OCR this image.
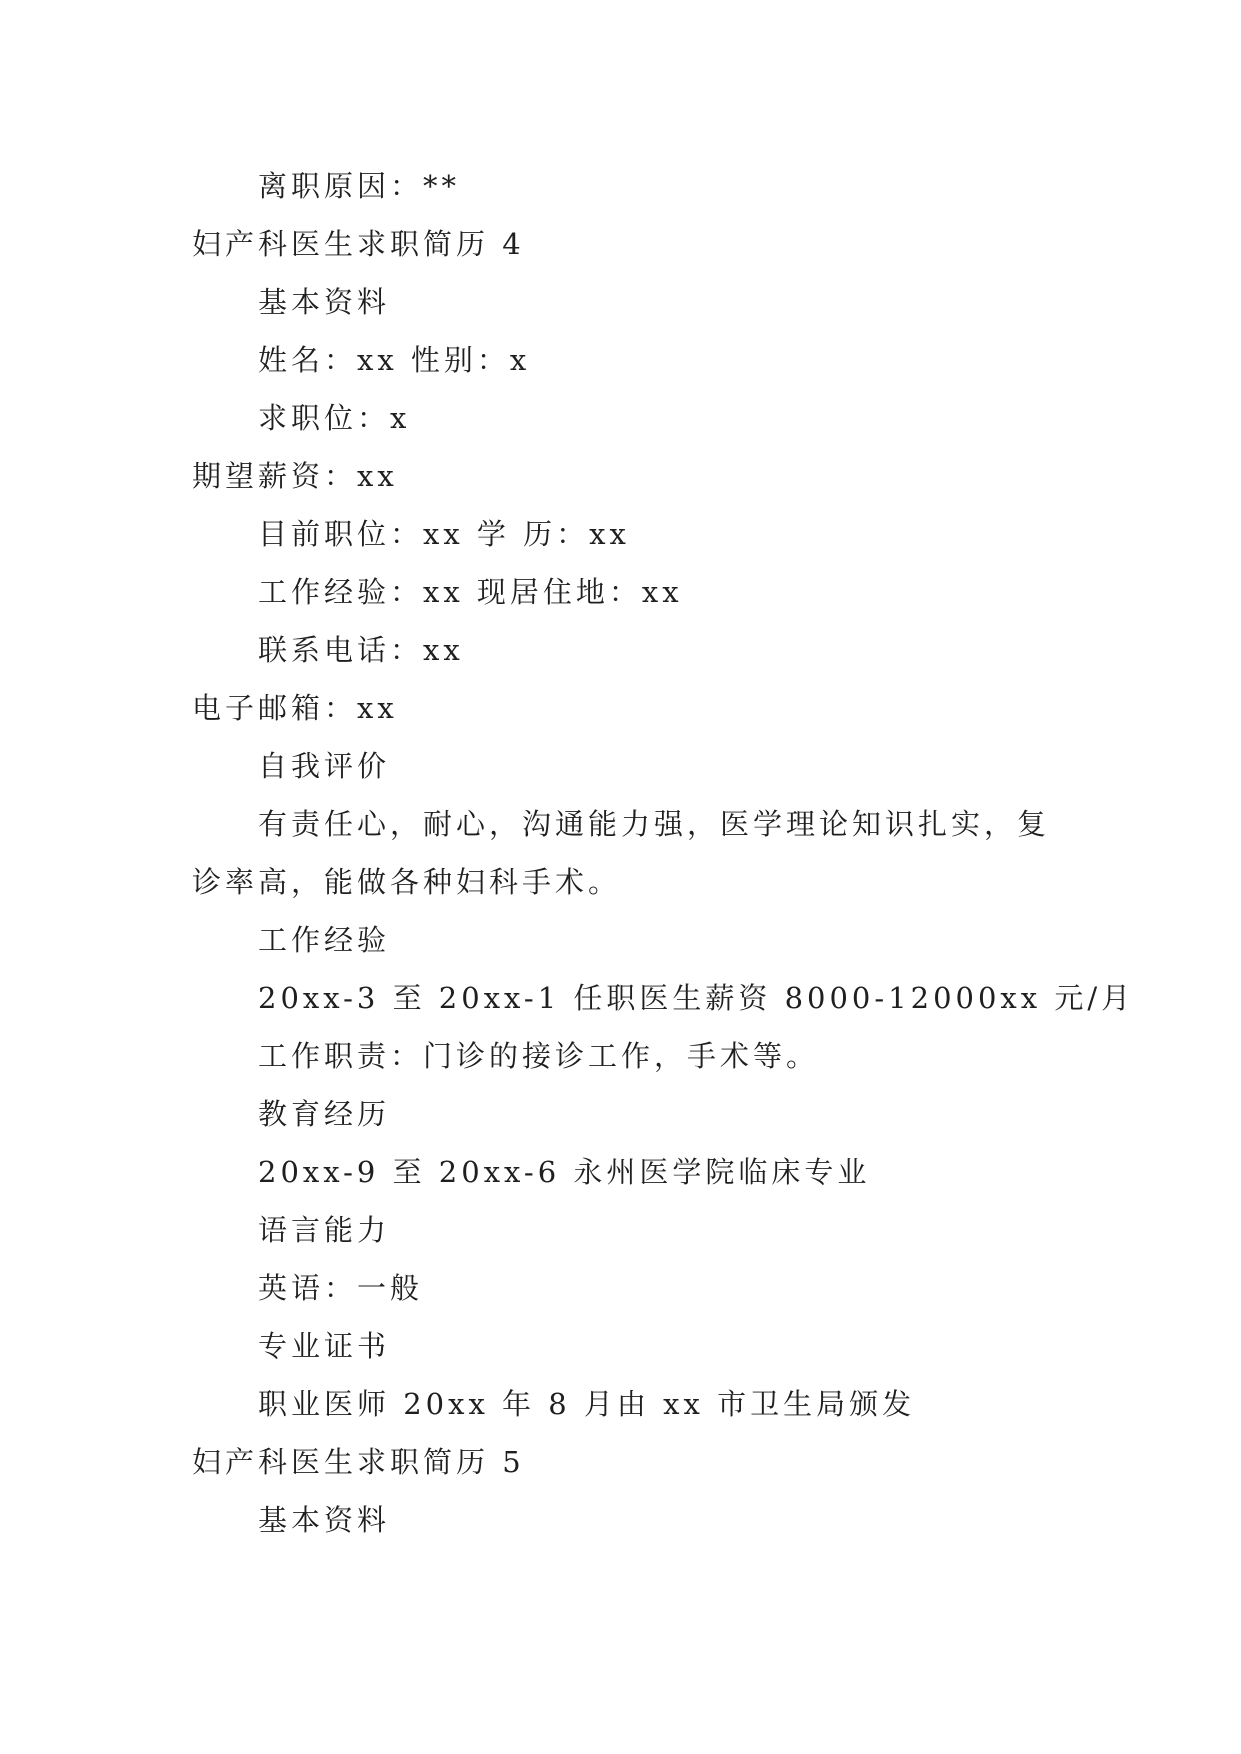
离职原因：**
妇产科医生求职简历 4
基本资料
姓名：xx 性别：x
求职位：x
期望薪资：xx
目前职位：xx 学 历：xx
工作经验：xx 现居住地：xx
联系电话：xx
电子邮箱：xx
自我评价
有责任心，耐心，沟通能力强，医学理论知识扎实，复
诊率高，能做各种妇科手术。
工作经验
20xx-3 至 20xx-1 任职医生薪资 8000-12000xx 元/月
工作职责：门诊的接诊工作，手术等。
教育经历
20xx-9 至 20xx-6 永州医学院临床专业
语言能力
英语：一般
专业证书
职业医师 20xx 年 8 月由 xx 市卫生局颁发
妇产科医生求职简历 5
基本资料
